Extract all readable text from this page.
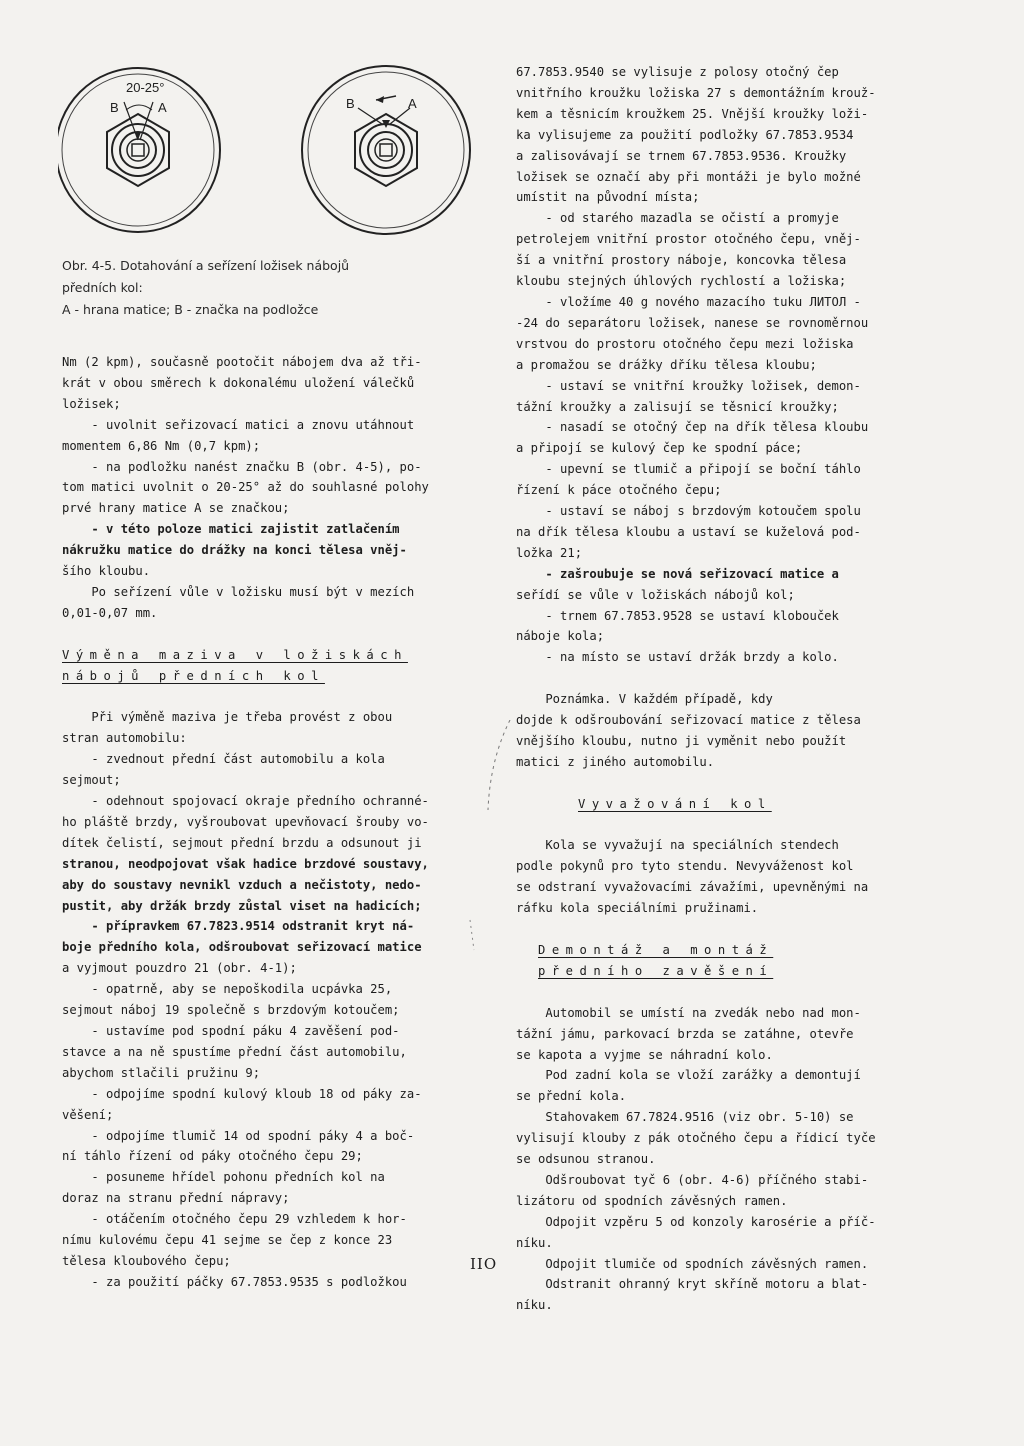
20-25°
B	A	B	A
Obr. 4-5. Dotahování a seřízení ložisek nábojů
předních kol:
A - hrana matice; B - značka na podložce

Nm (2 kpm), současně pootočit nábojem dva až tři-

krát v obou směrech k dokonalému uložení válečků

ložisek;

- uvolnit seřizovací matici a znovu utáhnout

momentem 6,86 Nm (0,7 kpm);

- na podložku nanést značku B (obr. 4-5), po-

tom matici uvolnit o 20-25° až do souhlasné polohy

prvé hrany matice A se značkou;

- v této poloze matici zajistit zatlačením

nákružku matice do drážky na konci tělesa vněj-

šího kloubu.

Po seřízení vůle v ložisku musí být v mezích

0,01-0,07 mm.

Výměna maziva v ložiskách

nábojů předních kol

Při výměně maziva je třeba provést z obou

stran automobilu:

- zvednout přední část automobilu a kola

sejmout;

- odehnout spojovací okraje předního ochranné-

ho pláště brzdy, vyšroubovat upevňovací šrouby vo-

dítek čelistí, sejmout přední brzdu a odsunout ji

stranou, neodpojovat však hadice brzdové soustavy,

aby do soustavy nevnikl vzduch a nečistoty, nedo-

pustit, aby držák brzdy zůstal viset na hadicích;

- přípravkem 67.7823.9514 odstranit kryt ná-

boje předního kola, odšroubovat seřizovací matice

a vyjmout pouzdro 21 (obr. 4-1);

- opatrně, aby se nepoškodila ucpávka 25,

sejmout náboj 19 společně s brzdovým kotoučem;

- ustavíme pod spodní páku 4 zavěšení pod-

stavce a na ně spustíme přední část automobilu,

abychom stlačili pružinu 9;

- odpojíme spodní kulový kloub 18 od páky za-

věšení;

- odpojíme tlumič 14 od spodní páky 4 a boč-

ní táhlo řízení od páky otočného čepu 29;

- posuneme hřídel pohonu předních kol na

doraz na stranu přední nápravy;

- otáčením otočného čepu 29 vzhledem k hor-

nímu kulovému čepu 41 sejme se čep z konce 23

tělesa kloubového čepu;

- za použití páčky 67.7853.9535 s podložkou

67.7853.9540 se vylisuje z polosy otočný čep

vnitřního kroužku ložiska 27 s demontážním krouž-

kem a těsnicím kroužkem 25. Vnější kroužky loži-

ka vylisujeme za použití podložky 67.7853.9534

a zalisovávají se trnem 67.7853.9536. Kroužky

ložisek se označí aby při montáži je bylo možné

umístit na původní místa;

- od starého mazadla se očistí a promyje

petrolejem vnitřní prostor otočného čepu, vněj-

ší a vnitřní prostory náboje, koncovka tělesa

kloubu stejných úhlových rychlostí a ložiska;

- vložíme 40 g nového mazacího tuku ЛИТОЛ -

-24 do separátoru ložisek, nanese se rovnoměrnou

vrstvou do prostoru otočného čepu mezi ložiska

a promažou se drážky dříku tělesa kloubu;

- ustaví se vnitřní kroužky ložisek, demon-

tážní kroužky a zalisují se těsnicí kroužky;

- nasadí se otočný čep na dřík tělesa kloubu

a připojí se kulový čep ke spodní páce;

- upevní se tlumič a připojí se boční táhlo

řízení k páce otočného čepu;

- ustaví se náboj s brzdovým kotoučem spolu

na dřík tělesa kloubu a ustaví se kuželová pod-

ložka 21;

- zašroubuje se nová seřizovací matice a

seřídí se vůle v ložiskách nábojů kol;

- trnem 67.7853.9528 se ustaví klobouček

náboje kola;

- na místo se ustaví držák brzdy a kolo.

Poznámka. V každém případě, kdy

dojde k odšroubování seřizovací matice z tělesa

vnějšího kloubu, nutno ji vyměnit nebo použít

matici z jiného automobilu.

Vyvažování kol

Kola se vyvažují na speciálních stendech

podle pokynů pro tyto stendu. Nevyváženost kol

se odstraní vyvažovacími závažími, upevněnými na

ráfku kola speciálními pružinami.

Demontáž a montáž

předního zavěšení

Automobil se umístí na zvedák nebo nad mon-

tážní jámu, parkovací brzda se zatáhne, otevře

se kapota a vyjme se náhradní kolo.

Pod zadní kola se vloží zarážky a demontují

se přední kola.

Stahovakem 67.7824.9516 (viz obr. 5-10) se

vylisují klouby z pák otočného čepu a řídicí tyče

se odsunou stranou.

Odšroubovat tyč 6 (obr. 4-6) příčného stabi-

lizátoru od spodních závěsných ramen.

Odpojit vzpěru 5 od konzoly karosérie a příč-

níku.

Odpojit tlumiče od spodních závěsných ramen.

Odstranit ohranný kryt skříně motoru a blat-

níku.

IIO
